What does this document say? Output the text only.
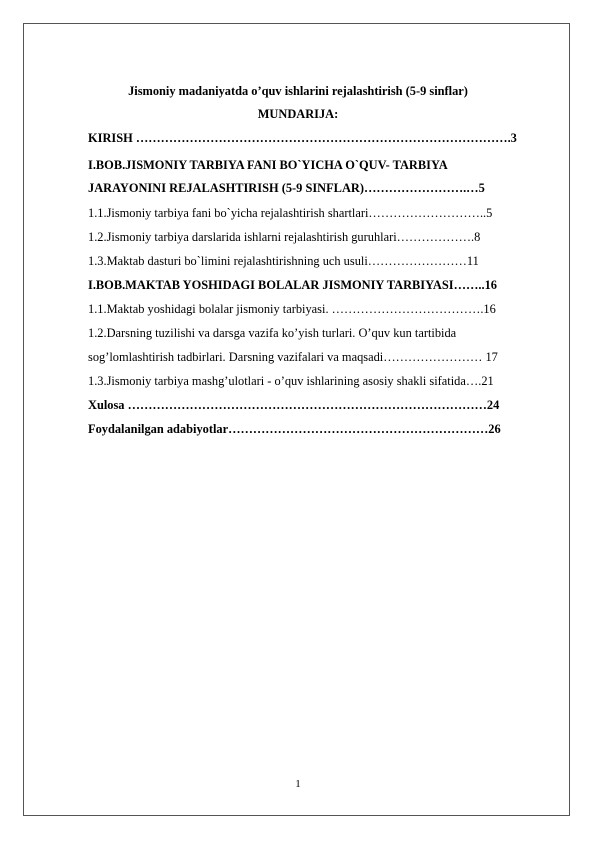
Jismoniy madaniyatda o’quv ishlarini rejalashtirish (5-9 sinflar)
MUNDARIJA:
KIRISH ……………………………………………………………………………….3
I.BOB.JISMONIY TARBIYA FANI BO`YICHA O`QUV- TARBIYA
JARAYONINI REJALASHTIRISH (5-9 SINFLAR)…………………….…5
1.1.Jismoniy tarbiya fani bo`yicha rejalashtirish shartlari………………………..5
1.2.Jismoniy tarbiya darslarida ishlarni rejalashtirish guruhlari……………….8
1.3.Maktab dasturi bo`limini rejalashtirishning uch usuli……………………11
I.BOB.MAKTAB YOSHIDAGI BOLALAR JISMONIY TARBIYASI……..16
1.1.Maktab yoshidagi bolalar jismoniy tarbiyasi. ……………………………….16
1.2.Darsning tuzilishi va darsga vazifa ko’yish turlari. O’quv kun tartibida
sog’lomlashtirish tadbirlari. Darsning vazifalari va maqsadi…………………… 17
1.3.Jismoniy tarbiya mashg’ulotlari - o’quv ishlarining asosiy shakli sifatida….21
Xulosa ……………………………………………………………………………24
Foydalanilgan adabiyotlar………………………………………………………26
1
